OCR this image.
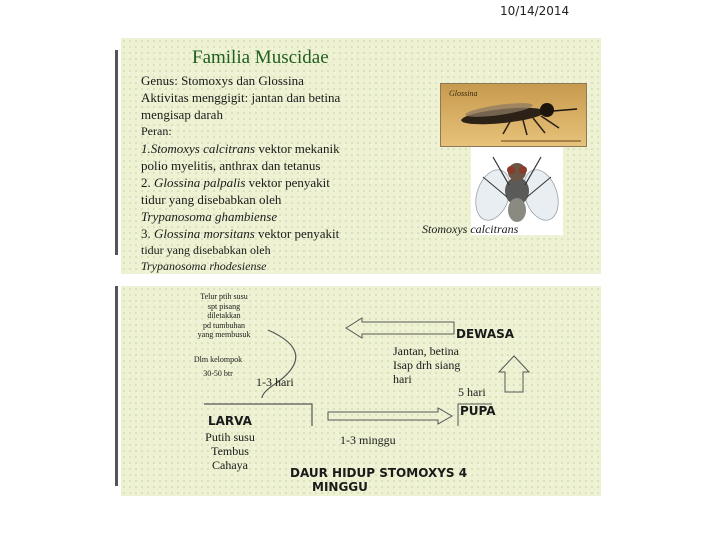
10/14/2014
Familia Muscidae
Genus: Stomoxys dan Glossina
Aktivitas menggigit: jantan dan betina
mengisap darah
Peran:
1.Stomoxys calcitrans vektor mekanik
polio myelitis, anthrax dan tetanus
2. Glossina palpalis vektor penyakit
tidur yang disebabkan oleh
Trypanosoma ghambiense
3. Glossina morsitans vektor penyakit
tidur yang disebabkan oleh
Trypanosoma rhodesiense
Glossina
Stomoxys calcitrans
Telur ptih susu
spt pisang
diletakkan
pd tumbuhan
yang membusuk
Dlm kelompok
30-50 btr
1-3 hari
DEWASA
Jantan, betina
Isap drh siang
hari
5 hari
PUPA
LARVA
Putih susu
Tembus
Cahaya
1-3 minggu
DAUR HIDUP STOMOXYS 4
MINGGU
